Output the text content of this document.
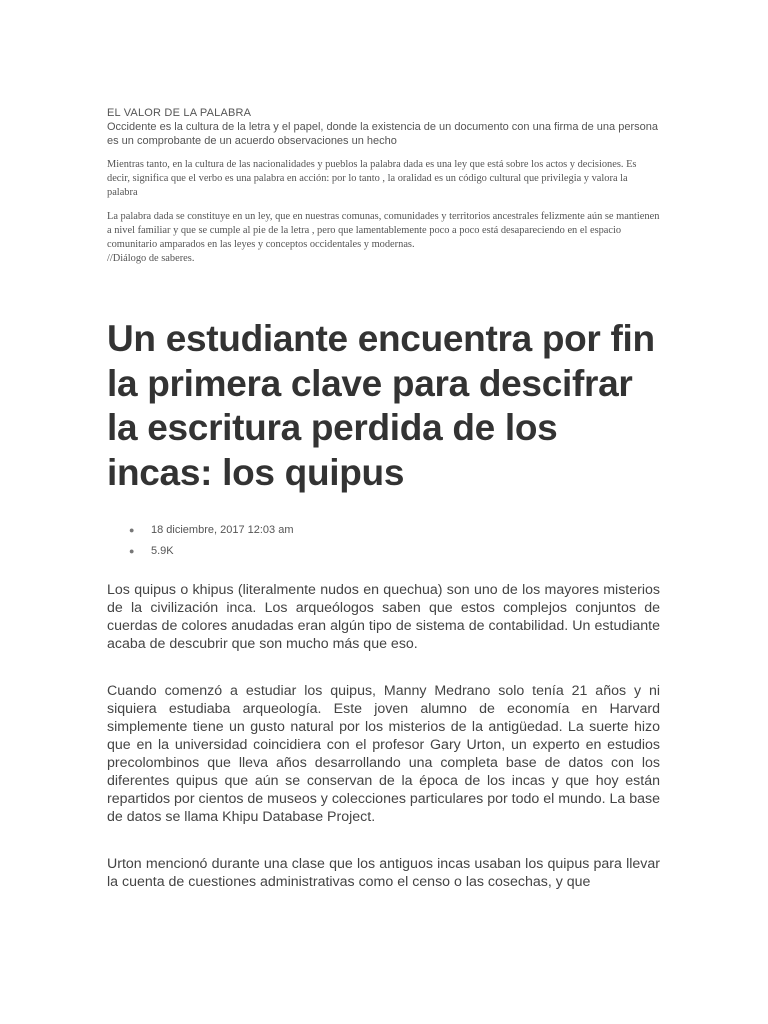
EL VALOR DE LA PALABRA
Occidente es la cultura de la letra y el papel, donde la existencia de un documento con una firma de una persona es un comprobante de un acuerdo observaciones un hecho

Mientras tanto, en la cultura de las nacionalidades y pueblos la palabra dada es una ley que está sobre los actos y decisiones. Es decir, significa que el verbo es una palabra en acción: por lo tanto , la oralidad es un código cultural que privilegia y valora la palabra

La palabra dada se constituye en un ley, que en nuestras comunas, comunidades y territorios ancestrales felizmente aún se mantienen a nivel familiar y que se cumple al pie de la letra , pero que lamentablemente poco a poco está desapareciendo en el espacio comunitario amparados en las leyes y conceptos occidentales y modernas.

//Diálogo de saberes.

Un estudiante encuentra por fin la primera clave para descifrar la escritura perdida de los incas: los quipus
● 18 diciembre, 2017 12:03 am
● 5.9K

Los quipus o khipus (literalmente nudos en quechua) son uno de los mayores misterios de la civilización inca. Los arqueólogos saben que estos complejos conjuntos de cuerdas de colores anudadas eran algún tipo de sistema de contabilidad. Un estudiante acaba de descubrir que son mucho más que eso.

Cuando comenzó a estudiar los quipus, Manny Medrano solo tenía 21 años y ni siquiera estudiaba arqueología. Este joven alumno de economía en Harvard simplemente tiene un gusto natural por los misterios de la antigüedad. La suerte hizo que en la universidad coincidiera con el profesor Gary Urton, un experto en estudios precolombinos que lleva años desarrollando una completa base de datos con los diferentes quipus que aún se conservan de la época de los incas y que hoy están repartidos por cientos de museos y colecciones particulares por todo el mundo. La base de datos se llama Khipu Database Project.

Urton mencionó durante una clase que los antiguos incas usaban los quipus para llevar la cuenta de cuestiones administrativas como el censo o las cosechas, y que
